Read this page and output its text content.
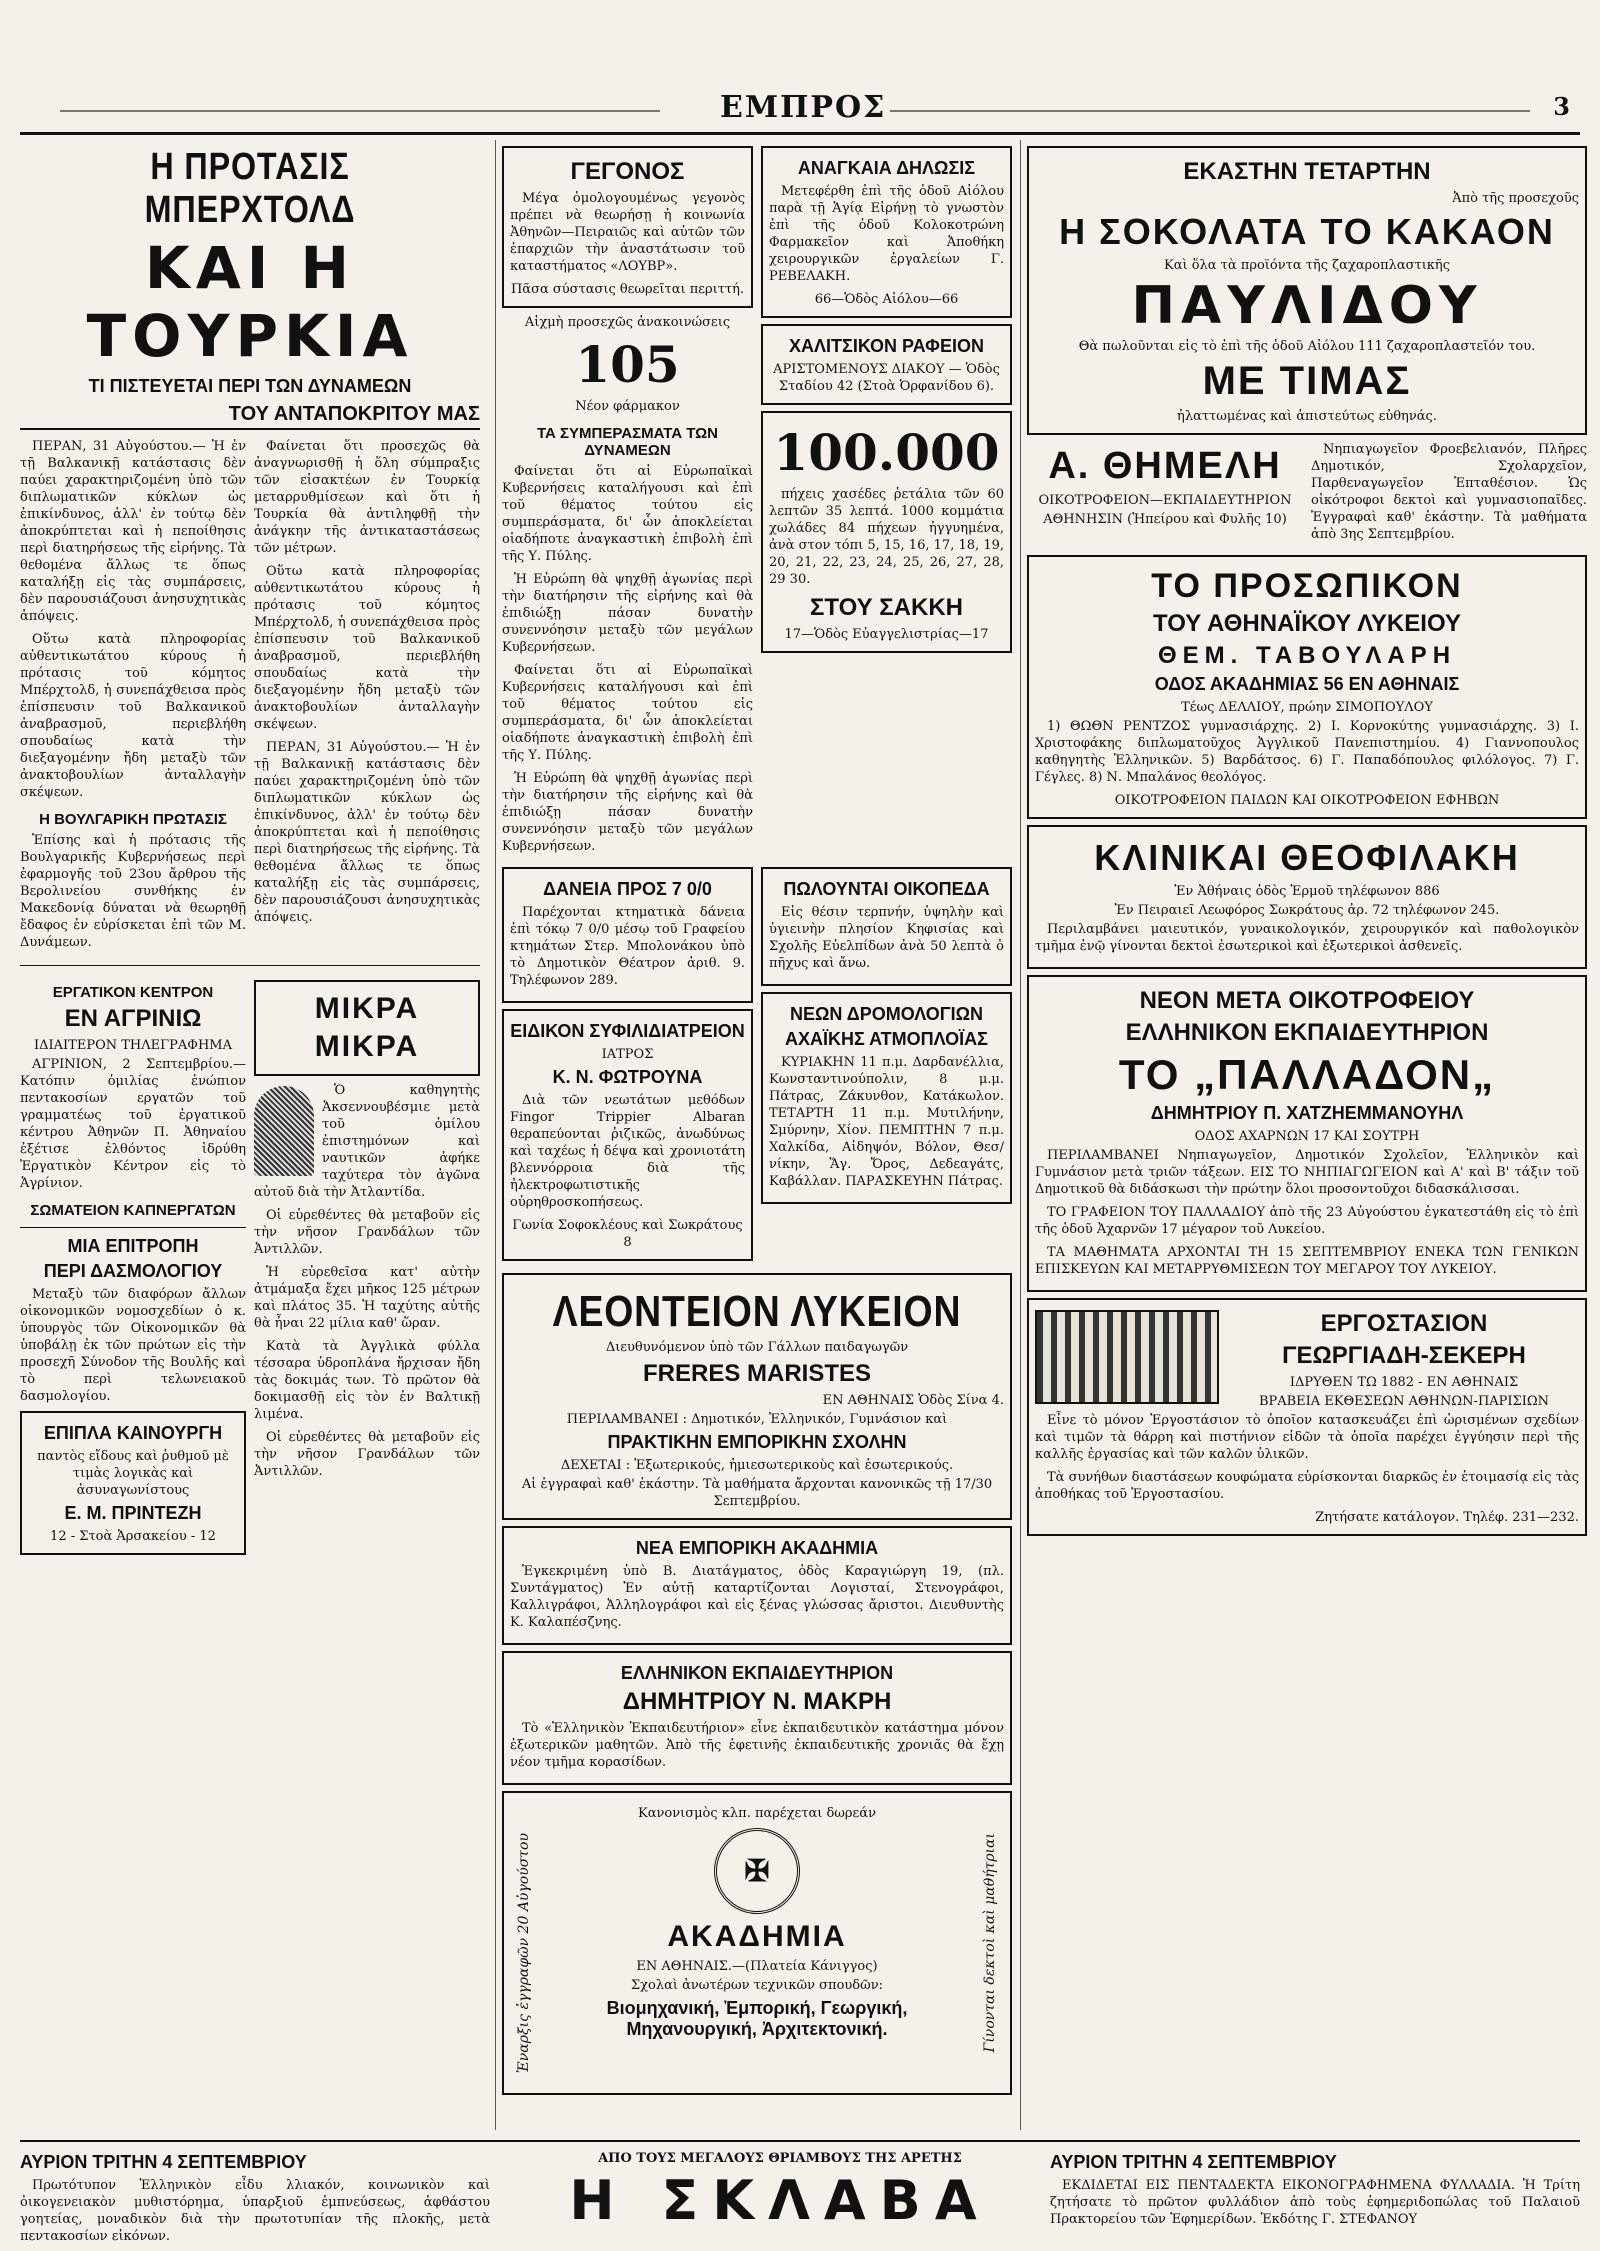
ΕΜΠΡΟΣ	3
Η ΠΡΟΤΑΣΙΣ ΜΠΕΡΧΤΟΛΔ
ΚΑΙ Η ΤΟΥΡΚΙΑ
ΤΙ ΠΙΣΤΕΥΕΤΑΙ ΠΕΡΙ ΤΩΝ ΔΥΝΑΜΕΩΝ
ΤΟΥ ΑΝΤΑΠΟΚΡΙΤΟΥ ΜΑΣ

ΠΕΡΑΝ, 31 Αὐγούστου.— Ἡ ἐν τῇ Βαλκανικῇ κατάστασις δὲν παύει χαρακτηριζομένη ὑπὸ τῶν διπλωματικῶν κύκλων ὡς ἐπικίνδυνος, ἀλλ' ἐν τούτῳ δὲν ἀποκρύπτεται καὶ ἡ πεποίθησις περὶ διατηρήσεως τῆς εἰρήνης. Τὰ θεθομένα ἄλλως τε ὅπως καταλήξῃ εἰς τὰς συμπάρσεις, δὲν παρουσιάζουσι ἀνησυχητικὰς ἀπόψεις.

Οὕτω κατὰ πληροφορίας αὐθεντικωτάτου κύρους ἡ πρότασις τοῦ κόμητος Μπέρχτολδ, ἡ συνεπάχθεισα πρὸς ἐπίσπευσιν τοῦ Βαλκανικοῦ ἀναβρασμοῦ, περιεβλήθη σπουδαίως κατὰ τὴν διεξαγομένην ἤδη μεταξὺ τῶν ἀνακτοβουλίων ἀνταλλαγὴν σκέψεων.

Η ΒΟΥΛΓΑΡΙΚΗ ΠΡΩΤΑΣΙΣ

Ἐπίσης καὶ ἡ πρότασις τῆς Βουλγαρικῆς Κυβερνήσεως περὶ ἐφαρμογῆς τοῦ 23ου ἄρθρου τῆς Βερολινείου συνθήκης ἐν Μακεδονίᾳ δύναται νὰ θεωρηθῇ ἔδαφος ἐν εὐρίσκεται ἐπὶ τῶν Μ. Δυνάμεων.

Φαίνεται ὅτι προσεχῶς θὰ ἀναγνωρισθῇ ἡ ὅλη σύμπραξις τῶν εἰσακτέων ἐν Τουρκίᾳ μεταρρυθμίσεων καὶ ὅτι ἡ Τουρκία θὰ ἀντιληφθῇ τὴν ἀνάγκην τῆς ἀντικαταστάσεως τῶν μέτρων.

Οὕτω κατὰ πληροφορίας αὐθεντικωτάτου κύρους ἡ πρότασις τοῦ κόμητος Μπέρχτολδ, ἡ συνεπάχθεισα πρὸς ἐπίσπευσιν τοῦ Βαλκανικοῦ ἀναβρασμοῦ, περιεβλήθη σπουδαίως κατὰ τὴν διεξαγομένην ἤδη μεταξὺ τῶν ἀνακτοβουλίων ἀνταλλαγὴν σκέψεων.

ΠΕΡΑΝ, 31 Αὐγούστου.— Ἡ ἐν τῇ Βαλκανικῇ κατάστασις δὲν παύει χαρακτηριζομένη ὑπὸ τῶν διπλωματικῶν κύκλων ὡς ἐπικίνδυνος, ἀλλ' ἐν τούτῳ δὲν ἀποκρύπτεται καὶ ἡ πεποίθησις περὶ διατηρήσεως τῆς εἰρήνης. Τὰ θεθομένα ἄλλως τε ὅπως καταλήξῃ εἰς τὰς συμπάρσεις, δὲν παρουσιάζουσι ἀνησυχητικὰς ἀπόψεις.

ΕΡΓΑΤΙΚΟΝ ΚΕΝΤΡΟΝ
ΕΝ ΑΓΡΙΝΙΩ
ΙΔΙΑΙΤΕΡΟΝ ΤΗΛΕΓΡΑΦΗΜΑ

ΑΓΡΙΝΙΟΝ, 2 Σεπτεμβρίου.—Κατόπιν ὁμιλίας ἐνώπιον πεντακοσίων εργατῶν τοῦ γραμματέως τοῦ ἐργατικοῦ κέντρου Ἀθηνῶν Π. Ἀθηναίου ἐξέτισε ἐλθόντος ἱδρύθη Ἐργατικὸν Κέντρον εἰς τὸ Ἀγρίνιον.

ΣΩΜΑΤΕΙΟΝ ΚΑΠΝΕΡΓΑΤΩΝ
ΜΙΑ ΕΠΙΤΡΟΠΗ
ΠΕΡΙ ΔΑΣΜΟΛΟΓΙΟΥ

Μεταξὺ τῶν διαφόρων ἄλλων οἰκονομικῶν νομοσχεδίων ὁ κ. ὑπουργὸς τῶν Οἰκονομικῶν θὰ ὑποβάλῃ ἐκ τῶν πρώτων εἰς τὴν προσεχῆ Σύνοδον τῆς Βουλῆς καὶ τὸ περὶ τελωνειακοῦ δασμολογίου.

ΕΠΙΠΛΑ ΚΑΙΝΟΥΡΓΗ
παντὸς εἴδους καὶ ῥυθμοῦ μὲ τιμὰς λογικὰς καὶ ἀσυναγωνίστους
Ε. Μ. ΠΡΙΝΤΕΖΗ
12 - Στοὰ Ἀρσακείου - 12
ΜΙΚΡΑ
ΜΙΚΡΑ

Ὁ καθηγητὴς Ἀκσεννουβέσμιε μετὰ τοῦ ὁμίλου ἐπιστημόνων καὶ ναυτικῶν ἀφήκε ταχύτερα τὸν ἀγῶνα αὐτοῦ διὰ τὴν Ἀτλαντίδα.

Οἱ εὑρεθέντες θὰ μεταβοῦν εἰς τὴν νῆσον Γρανδάλων τῶν Ἀντιλλῶν.

Ἡ εὑρεθεῖσα κατ' αὐτὴν ἀτμάμαξα ἔχει μῆκος 125 μέτρων καὶ πλάτος 35. Ἡ ταχύτης αὐτῆς θὰ ἦναι 22 μίλια καθ' ὥραν.

Κατὰ τὰ Ἀγγλικὰ φύλλα τέσσαρα ὑδροπλάνα ἤρχισαν ἤδη τὰς δοκιμάς των. Τὸ πρῶτον θὰ δοκιμασθῇ εἰς τὸν ἐν Βαλτικῇ λιμένα.

Οἱ εὑρεθέντες θὰ μεταβοῦν εἰς τὴν νῆσον Γρανδάλων τῶν Ἀντιλλῶν.

ΓΕΓΟΝΟΣ

Μέγα ὁμολογουμένως γεγονὸς πρέπει νὰ θεωρήσῃ ἡ κοινωνία Ἀθηνῶν—Πειραιῶς καὶ αὐτῶν τῶν ἐπαρχιῶν τὴν ἀναστάτωσιν τοῦ καταστήματος «ΛΟΥΒΡ».

Πᾶσα σύστασις θεωρεῖται περιττή.
Αἰχμὴ προσεχῶς ἀνακοινώσεις
105
Νέον φάρμακον
ΤΑ ΣΥΜΠΕΡΑΣΜΑΤΑ ΤΩΝ ΔΥΝΑΜΕΩΝ

Φαίνεται ὅτι αἱ Εὐρωπαϊκαὶ Κυβερνήσεις καταλήγουσι καὶ ἐπὶ τοῦ θέματος τούτου εἰς συμπεράσματα, δι' ὧν ἀποκλείεται οἱαδήποτε ἀναγκαστικὴ ἐπιβολὴ ἐπὶ τῆς Υ. Πύλης.

Ἡ Εὐρώπη θὰ ψηχθῇ ἀγωνίας περὶ τὴν διατήρησιν τῆς εἰρήνης καὶ θὰ ἐπιδιώξῃ πάσαν δυνατὴν συνεννόησιν μεταξὺ τῶν μεγάλων Κυβερνήσεων.

Φαίνεται ὅτι αἱ Εὐρωπαϊκαὶ Κυβερνήσεις καταλήγουσι καὶ ἐπὶ τοῦ θέματος τούτου εἰς συμπεράσματα, δι' ὧν ἀποκλείεται οἱαδήποτε ἀναγκαστικὴ ἐπιβολὴ ἐπὶ τῆς Υ. Πύλης.

Ἡ Εὐρώπη θὰ ψηχθῇ ἀγωνίας περὶ τὴν διατήρησιν τῆς εἰρήνης καὶ θὰ ἐπιδιώξῃ πάσαν δυνατὴν συνεννόησιν μεταξὺ τῶν μεγάλων Κυβερνήσεων.

ΑΝΑΓΚΑΙΑ ΔΗΛΩΣΙΣ

Μετεφέρθη ἐπὶ τῆς ὁδοῦ Αἰόλου παρὰ τῇ Ἁγίᾳ Εἰρήνῃ τὸ γνωστὸν ἐπὶ τῆς ὁδοῦ Κολοκοτρώνη Φαρμακεῖον καὶ Ἀποθήκη χειρουργικῶν ἐργαλείων Γ. ΡΕΒΕΛΑΚΗ.

66—Ὁδὸς Αἰόλου—66
ΧΑΛΙΤΣΙΚΟΝ ΡΑΦΕΙΟΝ
ΑΡΙΣΤΟΜΕΝΟΥΣ ΔΙΑΚΟΥ — Ὁδὸς Σταδίου 42 (Στοὰ Ὀρφανίδου 6).
100.000

πήχεις χασέδες ῥετάλια τῶν 60 λεπτῶν 35 λεπτά. 1000 κομμάτια χωλάδες 84 πήχεων ἠγγυημένα, ἀνὰ στον τόπι 5, 15, 16, 17, 18, 19, 20, 21, 22, 23, 24, 25, 26, 27, 28, 29 30.

ΣΤΟΥ ΣΑΚΚΗ
17—Ὁδὸς Εὐαγγελιστρίας—17
ΔΑΝΕΙΑ ΠΡΟΣ 7 0/0

Παρέχονται κτηματικὰ δάνεια ἐπὶ τόκῳ 7 0/0 μέσῳ τοῦ Γραφείου κτημάτων Στερ. Μπολονάκου ὑπὸ τὸ Δημοτικὸν Θέατρον ἀριθ. 9. Τηλέφωνον 289.

ΕΙΔΙΚΟΝ ΣΥΦΙΛΙΔΙΑΤΡΕΙΟΝ
ΙΑΤΡΟΣ
Κ. Ν. ΦΩΤΡΟΥΝΑ

Διὰ τῶν νεωτάτων μεθόδων Fingor Trippier Albaran θεραπεύονται ῥιζικῶς, ἀνωδύνως καὶ ταχέως ἡ δέψα καὶ χρονιοτάτη βλεννόρροια διὰ τῆς ἠλεκτροφωτιστικῆς οὐρηθροσκοπήσεως.

Γωνία Σοφοκλέους καὶ Σωκράτους 8
ΠΩΛΟΥΝΤΑΙ ΟΙΚΟΠΕΔΑ

Εἰς θέσιν τερπνήν, ὑψηλὴν καὶ ὑγιεινὴν πλησίον Κηφισίας καὶ Σχολῆς Εὐελπίδων ἀνὰ 50 λεπτὰ ὁ πῆχυς καὶ ἄνω.

ΝΕΩΝ ΔΡΟΜΟΛΟΓΙΩΝ
ΑΧΑΪΚΗΣ ΑΤΜΟΠΛΟΪΑΣ

ΚΥΡΙΑΚΗΝ 11 π.μ. Δαρδανέλλια, Κωνσταντινούπολιν, 8 μ.μ. Πάτρας, Ζάκυνθον, Κατάκωλον. ΤΕΤΑΡΤΗ 11 π.μ. Μυτιλήνην, Σμύρνην, Χίον. ΠΕΜΠΤΗΝ 7 π.μ. Χαλκίδα, Αἰδηψόν, Βόλον, Θεσ/νίκην, Ἅγ. Ὄρος, Δεδεαγάτς, Καβάλλαν. ΠΑΡΑΣΚΕΥΗΝ Πάτρας.

ΛΕΟΝΤΕΙΟΝ ΛΥΚΕΙΟΝ
Διευθυνόμενον ὑπὸ τῶν Γάλλων παιδαγωγῶν
FRERES MARISTES
ΕΝ ΑΘΗΝΑΙΣ Ὁδὸς Σίνα 4.
ΠΕΡΙΛΑΜΒΑΝΕΙ : Δημοτικόν, Ἑλληνικόν, Γυμνάσιον καὶ
ΠΡΑΚΤΙΚΗΝ ΕΜΠΟΡΙΚΗΝ ΣΧΟΛΗΝ
ΔΕΧΕΤΑΙ : Ἐξωτερικούς, ἡμιεσωτερικοὺς καὶ ἐσωτερικούς.
Αἱ ἐγγραφαὶ καθ' ἑκάστην. Τὰ μαθήματα ἄρχονται κανονικῶς τῇ 17/30 Σεπτεμβρίου.
ΝΕΑ ΕΜΠΟΡΙΚΗ ΑΚΑΔΗΜΙΑ

Ἐγκεκριμένη ὑπὸ Β. Διατάγματος, ὁδὸς Καραγιώργη 19, (πλ. Συντάγματος) Ἐν αὐτῇ καταρτίζονται Λογισταί, Στενογράφοι, Καλλιγράφοι, Ἀλληλογράφοι καὶ εἰς ξένας γλώσσας ἄριστοι. Διευθυντὴς Κ. Καλαπέσζνης.

ΕΛΛΗΝΙΚΟΝ ΕΚΠΑΙΔΕΥΤΗΡΙΟΝ
ΔΗΜΗΤΡΙΟΥ Ν. ΜΑΚΡΗ

Τὸ «Ἑλληνικὸν Ἐκπαιδευτήριον» εἶνε ἐκπαιδευτικὸν κατάστημα μόνον ἐξωτερικῶν μαθητῶν. Ἀπὸ τῆς ἐφετινῆς ἐκπαιδευτικῆς χρονιᾶς θὰ ἔχῃ νέον τμῆμα κορασίδων.

Ἐναρξις ἐγγραφῶν 20 Αὐγούστου	Γίνονται δεκτοὶ καὶ μαθήτριαι
Κανονισμὸς κλπ. παρέχεται δωρεάν
✠
ΑΚΑΔΗΜΙΑ
ΕΝ ΑΘΗΝΑΙΣ.—(Πλατεία Κάνιγγος)
Σχολαὶ ἀνωτέρων τεχνικῶν σπουδῶν:
Βιομηχανική, Ἐμπορική, Γεωργική, Μηχανουργική, Ἀρχιτεκτονική.
ΕΚΑΣΤΗΝ ΤΕΤΑΡΤΗΝ
Ἀπὸ τῆς προσεχοῦς
Η ΣΟΚΟΛΑΤΑ ΤΟ ΚΑΚΑΟΝ
Καὶ ὅλα τὰ προϊόντα τῆς ζαχαροπλαστικῆς
ΠΑΥΛΙΔΟΥ
Θὰ πωλοῦνται εἰς τὸ ἐπὶ τῆς ὁδοῦ Αἰόλου 111 ζαχαροπλαστεῖόν του.
ΜΕ ΤΙΜΑΣ
ἠλαττωμένας καὶ ἀπιστεύτως εὐθηνάς.
Α. ΘΗΜΕΛΗ
ΟΙΚΟΤΡΟΦΕΙΟΝ—ΕΚΠΑΙΔΕΥΤΗΡΙΟΝ
ΑΘΗΝΗΣΙΝ (Ἡπείρου καὶ Φυλῆς 10)

Νηπιαγωγεῖον Φροεβελιανόν, Πλῆρες Δημοτικόν, Σχολαρχεῖον, Παρθεναγωγεῖον Ἐπταθέσιον. Ὡς οἰκότροφοι δεκτοὶ καὶ γυμνασιοπαῖδες. Ἐγγραφαὶ καθ' ἑκάστην. Τὰ μαθήματα ἀπὸ 3ης Σεπτεμβρίου.

ΤΟ ΠΡΟΣΩΠΙΚΟΝ
ΤΟΥ ΑΘΗΝΑΪΚΟΥ ΛΥΚΕΙΟΥ
ΘΕΜ. ΤΑΒΟΥΛΑΡΗ
ΟΔΟΣ ΑΚΑΔΗΜΙΑΣ 56 ΕΝ ΑΘΗΝΑΙΣ
Τέως ΔΕΛΛΙΟΥ, πρώην ΣΙΜΟΠΟΥΛΟΥ

1) ΘΩΘΝ ΡΕΝΤΖΟΣ γυμνασιάρχης. 2) Ι. Κορνοκύτης γυμνασιάρχης. 3) Ι. Χριστοφάκης διπλωματοῦχος Ἀγγλικοῦ Πανεπιστημίου. 4) Γιαννοπουλος καθηγητὴς Ἑλληνικῶν. 5) Βαρδάτσος. 6) Γ. Παπαδόπουλος φιλόλογος. 7) Γ. Γέγλες. 8) Ν. Μπαλάνος θεολόγος.

ΟΙΚΟΤΡΟΦΕΙΟΝ ΠΑΙΔΩΝ ΚΑΙ ΟΙΚΟΤΡΟΦΕΙΟΝ ΕΦΗΒΩΝ
ΚΛΙΝΙΚΑΙ ΘΕΟΦΙΛΑΚΗ
Ἐν Ἀθήναις ὁδὸς Ἑρμοῦ τηλέφωνον 886
Ἐν Πειραιεῖ Λεωφόρος Σωκράτους ἀρ. 72 τηλέφωνον 245.

Περιλαμβάνει μαιευτικόν, γυναικολογικόν, χειρουργικόν καὶ παθολογικὸν τμῆμα ἐνῷ γίνονται δεκτοὶ ἐσωτερικοὶ καὶ ἐξωτερικοὶ ἀσθενεῖς.

ΝΕΟΝ ΜΕΤΑ ΟΙΚΟΤΡΟΦΕΙΟΥ
ΕΛΛΗΝΙΚΟΝ ΕΚΠΑΙΔΕΥΤΗΡΙΟΝ
ΤΟ „ΠΑΛΛΑΔΟΝ„
ΔΗΜΗΤΡΙΟΥ Π. ΧΑΤΖΗΕΜΜΑΝΟΥΗΛ
ΟΔΟΣ ΑΧΑΡΝΩΝ 17 ΚΑΙ ΣΟΥΤΡΗ

ΠΕΡΙΛΑΜΒΑΝΕΙ Νηπιαγωγεῖον, Δημοτικόν Σχολεῖον, Ἑλληνικὸν καὶ Γυμνάσιον μετὰ τριῶν τάξεων. ΕΙΣ ΤΟ ΝΗΠΙΑΓΩΓΕΙΟΝ καὶ Α' καὶ Β' τάξιν τοῦ Δημοτικοῦ θὰ διδάσκωσι τὴν πρώτην ὅλοι προσοντοῦχοι διδασκάλισσαι.

ΤΟ ΓΡΑΦΕΙΟΝ ΤΟΥ ΠΑΛΛΑΔΙΟΥ ἀπὸ τῆς 23 Αὐγούστου ἐγκατεστάθη εἰς τὸ ἐπὶ τῆς ὁδοῦ Ἀχαρνῶν 17 μέγαρον τοῦ Λυκείου.

ΤΑ ΜΑΘΗΜΑΤΑ ΑΡΧΟΝΤΑΙ ΤΗ 15 ΣΕΠΤΕΜΒΡΙΟΥ ΕΝΕΚΑ ΤΩΝ ΓΕΝΙΚΩΝ ΕΠΙΣΚΕΥΩΝ ΚΑΙ ΜΕΤΑΡΡΥΘΜΙΣΕΩΝ ΤΟΥ ΜΕΓΑΡΟΥ ΤΟΥ ΛΥΚΕΙΟΥ.

ΕΡΓΟΣΤΑΣΙΟΝ
ΓΕΩΡΓΙΑΔΗ-ΣΕΚΕΡΗ
ΙΔΡΥΘΕΝ ΤΩ 1882 - ΕΝ ΑΘΗΝΑΙΣ
ΒΡΑΒΕΙΑ ΕΚΘΕΣΕΩΝ ΑΘΗΝΩΝ-ΠΑΡΙΣΙΩΝ

Εἶνε τὸ μόνον Ἐργοστάσιον τὸ ὁποῖον κατασκευάζει ἐπὶ ὡρισμένων σχεδίων καὶ τιμῶν τὰ θάρρη καὶ πιστήνιον εἰδῶν τὰ ὁποῖα παρέχει ἐγγύησιν περὶ τῆς καλλῆς ἐργασίας καὶ τῶν καλῶν ὑλικῶν.

Τὰ συνήθων διαστάσεων κουφώματα εὑρίσκονται διαρκῶς ἐν ἑτοιμασίᾳ εἰς τὰς ἀποθήκας τοῦ Ἐργοστασίου.

Ζητήσατε κατάλογον. Τηλέφ. 231—232.
ΑΥΡΙΟΝ ΤΡΙΤΗΝ 4 ΣΕΠΤΕΜΒΡΙΟΥ

Πρωτότυπον Ἑλληνικὸν εἶδυ λλιακόν, κοινωνικὸν καὶ ὀικογενειακὸν μυθιστόρημα, ὑπαρξιοῦ ἐμπνεύσεως, ἀφθάστου γοητείας, μοναδικὸν διὰ τὴν πρωτοτυπίαν τῆς πλοκῆς, μετὰ πεντακοσίων εἰκόνων.

ΑΠΟ ΤΟΥΣ ΜΕΓΑΛΟΥΣ ΘΡΙΑΜΒΟΥΣ ΤΗΣ ΑΡΕΤΗΣ
Η ΣΚΛΑΒΑ
ΑΥΡΙΟΝ ΤΡΙΤΗΝ 4 ΣΕΠΤΕΜΒΡΙΟΥ

ΕΚΔΙΔΕΤΑΙ ΕΙΣ ΠΕΝΤΑΔΕΚΤΑ ΕΙΚΟΝΟΓΡΑΦΗΜΕΝΑ ΦΥΛΛΑΔΙΑ. Ἡ Τρίτη ζητήσατε τὸ πρῶτον φυλλάδιον ἀπὸ τοὺς ἐφημεριδοπώλας τοῦ Παλαιοῦ Πρακτορείου τῶν Ἐφημερίδων. Ἐκδότης Γ. ΣΤΕΦΑΝΟΥ
